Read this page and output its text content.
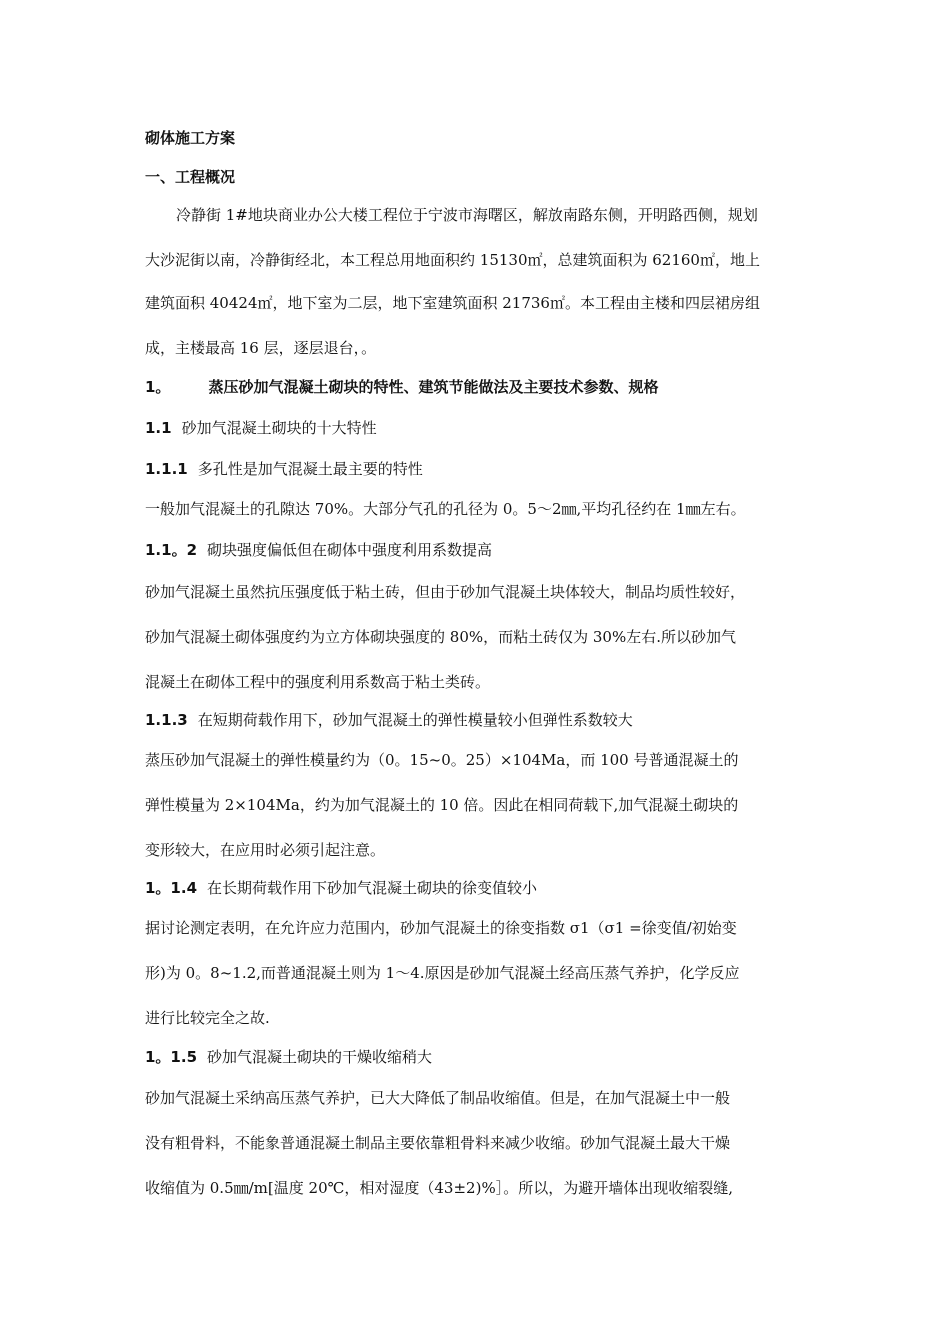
砌体施工方案
一、工程概况
冷静街 1#地块商业办公大楼工程位于宁波市海曙区，解放南路东侧，开明路西侧，规划
大沙泥街以南，冷静街经北，本工程总用地面积约 15130㎡，总建筑面积为 62160㎡，地上
建筑面积 40424㎡，地下室为二层，地下室建筑面积 21736㎡。本工程由主楼和四层裙房组
成，主楼最高 16 层，逐层退台，。
1。	蒸压砂加气混凝土砌块的特性、建筑节能做法及主要技术参数、规格
1.1 砂加气混凝土砌块的十大特性
1.1.1 多孔性是加气混凝土最主要的特性
一般加气混凝土的孔隙达 70%。大部分气孔的孔径为 0。5～2㎜,平均孔径约在 1㎜左右。
1.1。2 砌块强度偏低但在砌体中强度利用系数提高
砂加气混凝土虽然抗压强度低于粘土砖，但由于砂加气混凝土块体较大，制品均质性较好，
砂加气混凝土砌体强度约为立方体砌块强度的 80%，而粘土砖仅为 30%左右.所以砂加气
混凝土在砌体工程中的强度利用系数高于粘土类砖。
1.1.3 在短期荷载作用下，砂加气混凝土的弹性模量较小但弹性系数较大
蒸压砂加气混凝土的弹性模量约为（0。15~0。25）×104Ma，而 100 号普通混凝土的
弹性模量为 2×104Ma，约为加气混凝土的 10 倍。因此在相同荷载下,加气混凝土砌块的
变形较大，在应用时必须引起注意。
1。1.4 在长期荷载作用下砂加气混凝土砌块的徐变值较小
据讨论测定表明，在允许应力范围内，砂加气混凝土的徐变指数 σ1（σ1 =徐变值/初始变
形)为 0。8~1.2,而普通混凝土则为 1～4.原因是砂加气混凝土经高压蒸气养护，化学反应
进行比较完全之故.
1。1.5 砂加气混凝土砌块的干燥收缩稍大
砂加气混凝土采纳高压蒸气养护，已大大降低了制品收缩值。但是，在加气混凝土中一般
没有粗骨料，不能象普通混凝土制品主要依靠粗骨料来减少收缩。砂加气混凝土最大干燥
收缩值为 0.5㎜/m[温度 20℃，相对湿度（43±2)%］。所以，为避开墙体出现收缩裂缝,
